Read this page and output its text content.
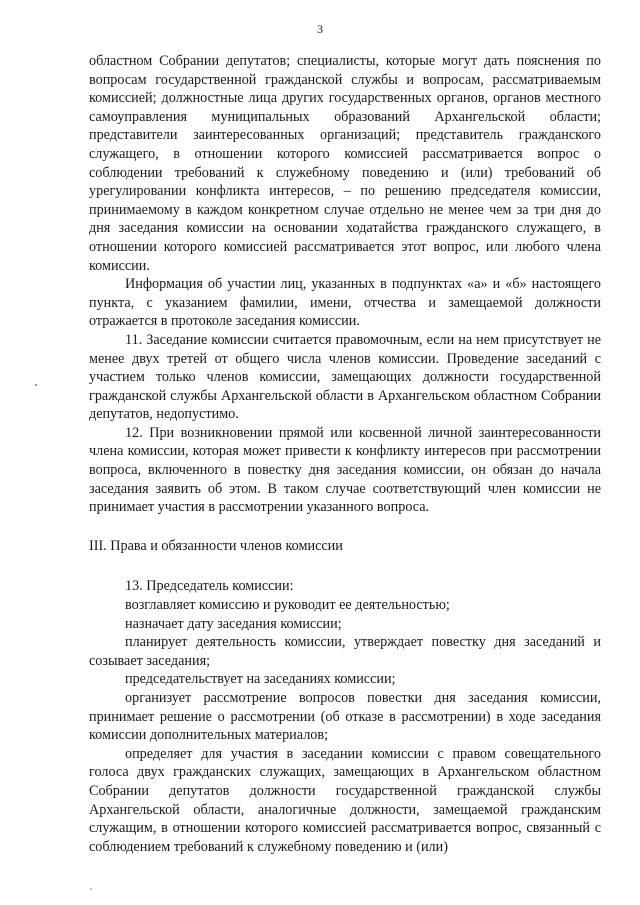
3

областном Собрании депутатов; специалисты, которые могут дать пояснения по вопросам государственной гражданской службы и вопросам, рассматриваемым комиссией; должностные лица других государственных органов, органов местного самоуправления муниципальных образований Архангельской области; представители заинтересованных организаций; представитель гражданского служащего, в отношении которого комиссией рассматривается вопрос о соблюдении требований к служебному поведению и (или) требований об урегулировании конфликта интересов, – по решению председателя комиссии, принимаемому в каждом конкретном случае отдельно не менее чем за три дня до дня заседания комиссии на основании ходатайства гражданского служащего, в отношении которого комиссией рассматривается этот вопрос, или любого члена комиссии.

Информация об участии лиц, указанных в подпунктах «а» и «б» настоящего пункта, с указанием фамилии, имени, отчества и замещаемой должности отражается в протоколе заседания комиссии.

11. Заседание комиссии считается правомочным, если на нем присутствует не менее двух третей от общего числа членов комиссии. Проведение заседаний с участием только членов комиссии, замещающих должности государственной гражданской службы Архангельской области в Архангельском областном Собрании депутатов, недопустимо.

12. При возникновении прямой или косвенной личной заинтересованности члена комиссии, которая может привести к конфликту интересов при рассмотрении вопроса, включенного в повестку дня заседания комиссии, он обязан до начала заседания заявить об этом. В таком случае соответствующий член комиссии не принимает участия в рассмотрении указанного вопроса.

III. Права и обязанности членов комиссии

13. Председатель комиссии:

возглавляет комиссию и руководит ее деятельностью;

назначает дату заседания комиссии;

планирует деятельность комиссии, утверждает повестку дня заседаний и созывает заседания;

председательствует на заседаниях комиссии;

организует рассмотрение вопросов повестки дня заседания комиссии, принимает решение о рассмотрении (об отказе в рассмотрении) в ходе заседания комиссии дополнительных материалов;

определяет для участия в заседании комиссии с правом совещательного голоса двух гражданских служащих, замещающих в Архангельском областном Собрании депутатов должности государственной гражданской службы Архангельской области, аналогичные должности, замещаемой гражданским служащим, в отношении которого комиссией рассматривается вопрос, связанный с соблюдением требований к служебному поведению и (или)
